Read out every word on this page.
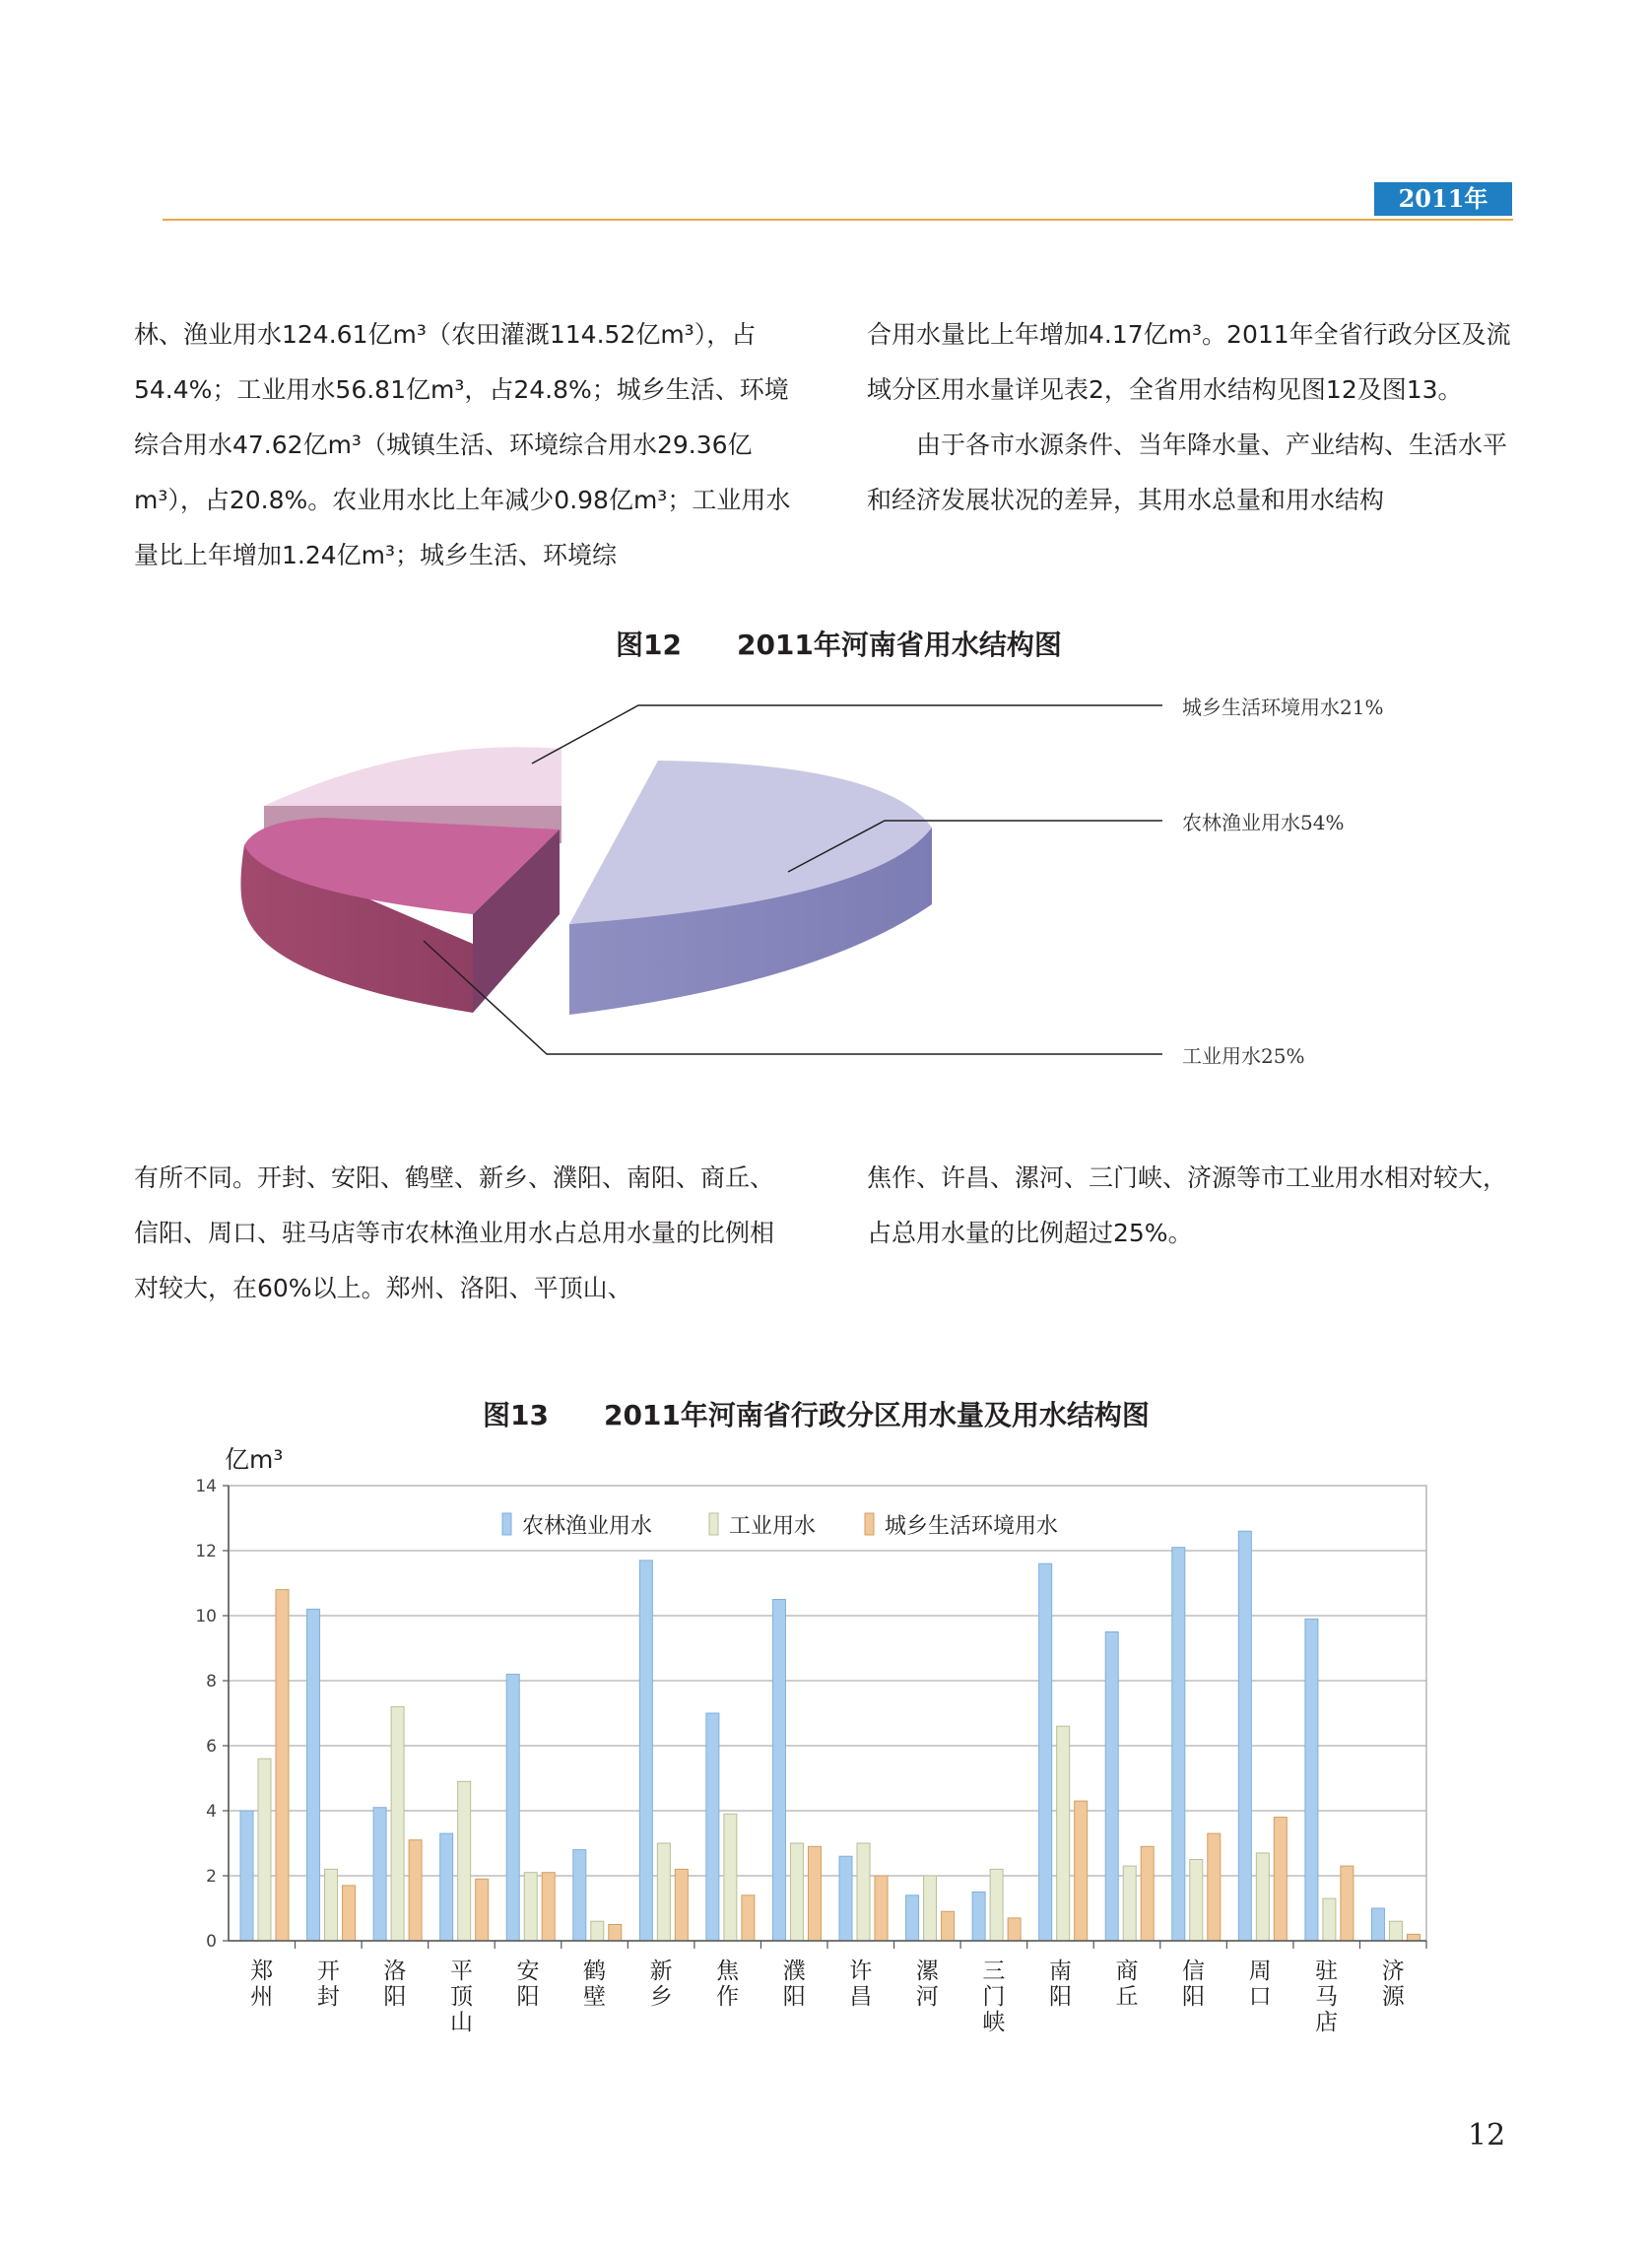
2011年

林、渔业用水124.61亿m³（农田灌溉114.52亿m³），占54.4%；工业用水56.81亿m³，占24.8%；城乡生活、环境综合用水47.62亿m³（城镇生活、环境综合用水29.36亿m³），占20.8%。农业用水比上年减少0.98亿m³；工业用水量比上年增加1.24亿m³；城乡生活、环境综

合用水量比上年增加4.17亿m³。2011年全省行政分区及流域分区用水量详见表2，全省用水结构见图12及图13。

由于各市水源条件、当年降水量、产业结构、生活水平和经济发展状况的差异，其用水总量和用水结构

图12　　2011年河南省用水结构图
城乡生活环境用水21%
农林渔业用水54%
工业用水25%

有所不同。开封、安阳、鹤壁、新乡、濮阳、南阳、商丘、信阳、周口、驻马店等市农林渔业用水占总用水量的比例相对较大，在60%以上。郑州、洛阳、平顶山、

焦作、许昌、漯河、三门峡、济源等市工业用水相对较大，占总用水量的比例超过25%。

图13　　2011年河南省行政分区用水量及用水结构图
亿m³
0
2
4
6
8
10
12
14
郑
州
开
封
洛
阳
平
顶
山
安
阳
鹤
壁
新
乡
焦
作
濮
阳
许
昌
漯
河
三
门
峡
南
阳
商
丘
信
阳
周
口
驻
马
店
济
源
农林渔业用水	工业用水	城乡生活环境用水
12
